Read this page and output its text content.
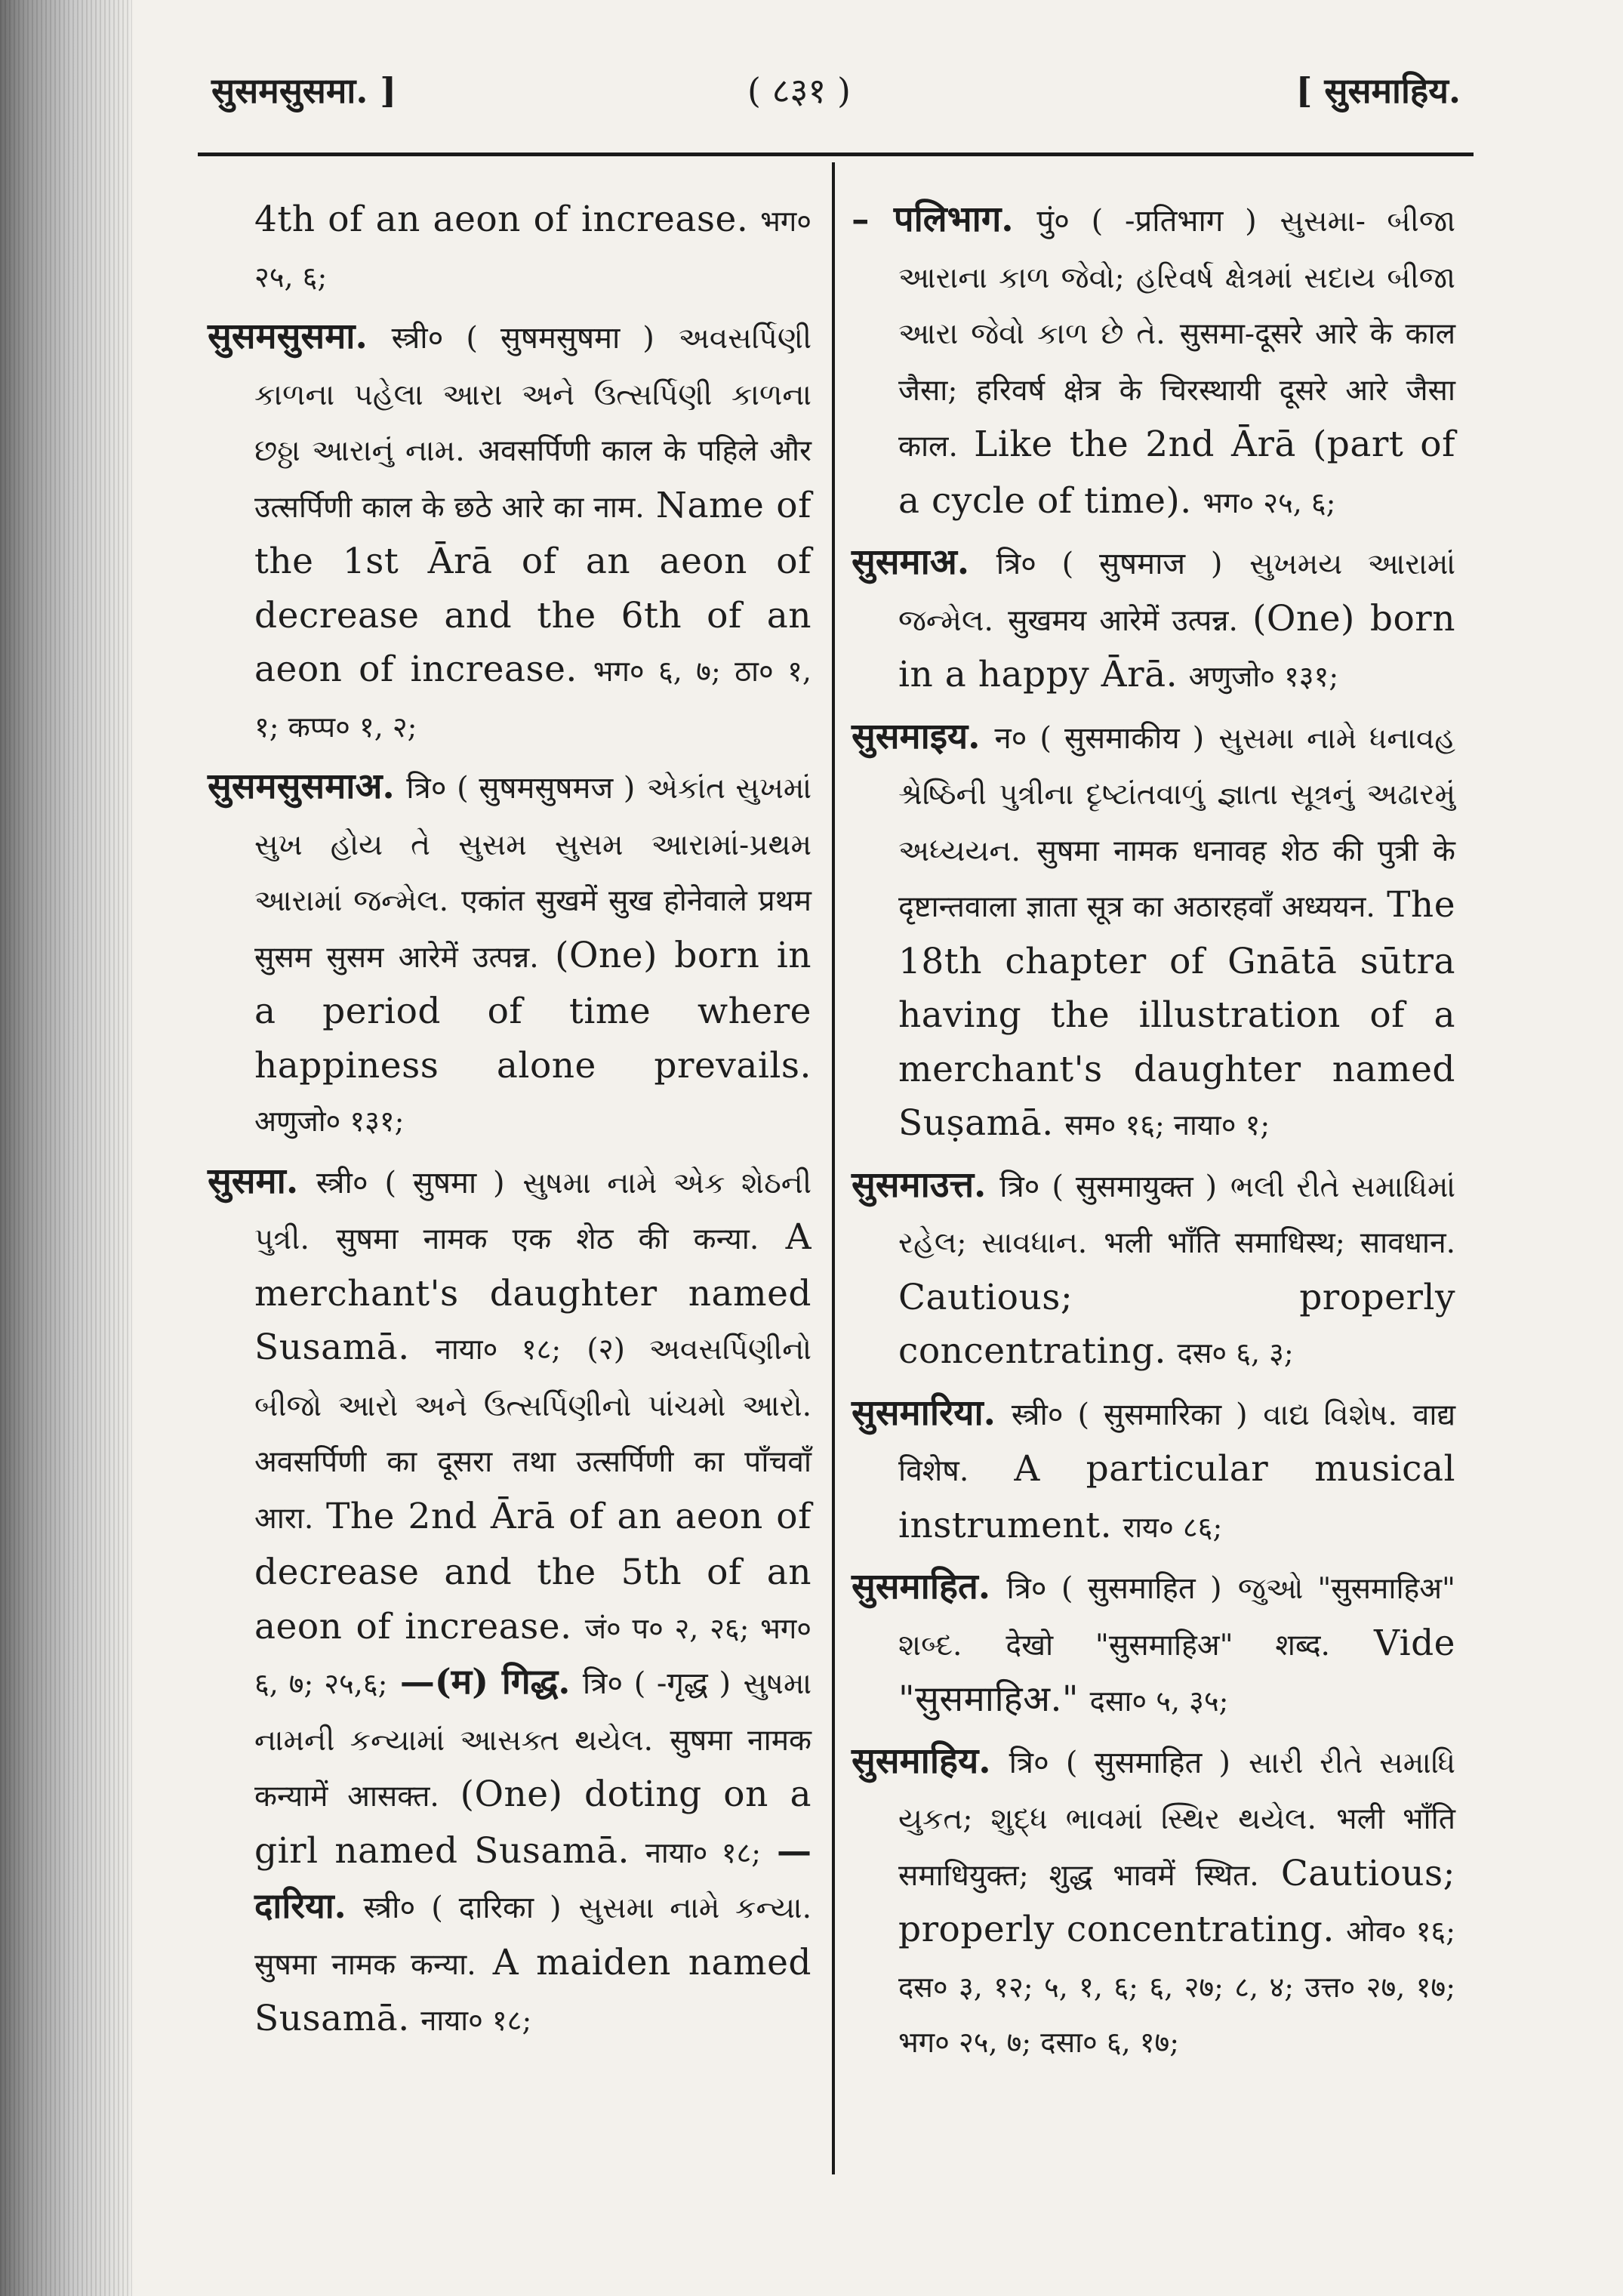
सुसमसुसमा. ]	( ८३१ )	[ सुसमाहिय.

4th of an aeon of increase. भग० २५, ६;

सुसमसुसमा. स्त्री० ( सुषमसुषमा ) અવસર્પિણી કાળના પહેલા આરા અને ઉત્સર્પિણી કાળના છઠ્ઠા આરાનું નામ. अवसर्पिणी काल के पहिले और उत्सर्पिणी काल के छठे आरे का नाम. Name of the 1st Ārā of an aeon of decrease and the 6th of an aeon of increase. भग० ६, ७; ठा० १, १; कप्प० १, २;

सुसमसुसमाअ. त्रि० ( सुषमसुषमज ) એકાંત સુખમાં સુખ હોય તે સુસમ સુસમ આરામાં-પ્રથમ આરામાં જન્મેલ. एकांत सुखमें सुख होनेवाले प्रथम सुसम सुसम आरेमें उत्पन्न. (One) born in a period of time where happiness alone prevails. अणुजो० १३१;

सुसमा. स्त्री० ( सुषमा ) સુષમા નામે એક શેઠની પુત્રી. सुषमा नामक एक शेठ की कन्या. A merchant's daughter named Susamā. नाया० १८; (२) અવસર્પિણીનો બીજો આરો અને ઉત્સર્પિણીનો પાંચમો આરો. अवसर्पिणी का दूसरा तथा उत्सर्पिणी का पाँचवाँ आरा. The 2nd Ārā of an aeon of decrease and the 5th of an aeon of increase. जं० प० २, २६; भग० ६, ७; २५,६; —(म) गिद्ध. त्रि० ( -गृद्ध ) સુષમા નામની કન્યામાં આસક્ત થયેલ. सुषमा नामक कन्यामें आसक्त. (One) doting on a girl named Susamā. नाया० १८; —दारिया. स्त्री० ( दारिका ) સુસમા નામે કન્યા. सुषमा नामक कन्या. A maiden named Susamā. नाया० १८;

– पलिभाग. पुं० ( -प्रतिभाग ) સુસમા- બીજા આરાના કાળ જેવો; હરિવર્ષ ક્ષેત્રમાં સદાય બીજા આરા જેવો કાળ છે તે. सुसमा-दूसरे आरे के काल जैसा; हरिवर्ष क्षेत्र के चिरस्थायी दूसरे आरे जैसा काल. Like the 2nd Ārā (part of a cycle of time). भग० २५, ६;

सुसमाअ. त्रि० ( सुषमाज ) સુખમય આરામાં જન્મેલ. सुखमय आरेमें उत्पन्न. (One) born in a happy Ārā. अणुजो० १३१;

सुसमाइय. न० ( सुसमाकीय ) સુસમા નામે ધનાવહ શ્રેષ્ઠિની પુત્રીના દૃષ્ટાંતવાળું જ્ઞાતા સૂત્રનું અઢારમું અધ્યયન. सुषमा नामक धनावह शेठ की पुत्री के दृष्टान्तवाला ज्ञाता सूत्र का अठारहवाँ अध्ययन. The 18th chapter of Gnātā sūtra having the illustration of a merchant's daughter named Suṣamā. सम० १६; नाया० १;

सुसमाउत्त. त्रि० ( सुसमायुक्त ) ભલી રીતે સમાધિમાં રહેલ; સાવધાન. भली भाँति समाधिस्थ; सावधान. Cautious; properly concentrating. दस० ६, ३;

सुसमारिया. स्त्री० ( सुसमारिका ) વાદ્ય વિશેષ. वाद्य विशेष. A particular musical instrument. राय० ८६;

सुसमाहित. त्रि० ( सुसमाहित ) જુઓ "सुसमाहिअ" શબ્દ. देखो "सुसमाहिअ" शब्द. Vide "सुसमाहिअ." दसा० ५, ३५;

सुसमाहिय. त्रि० ( सुसमाहित ) સારી રીતે સમાધિ યુકત; શુદ્ધ ભાવમાં સ્થિર થયેલ. भली भाँति समाधियुक्त; शुद्ध भावमें स्थित. Cautious; properly concentrating. ओव० १६; दस० ३, १२; ५, १, ६; ६, २७; ८, ४; उत्त० २७, १७; भग० २५, ७; दसा० ६, १७;
